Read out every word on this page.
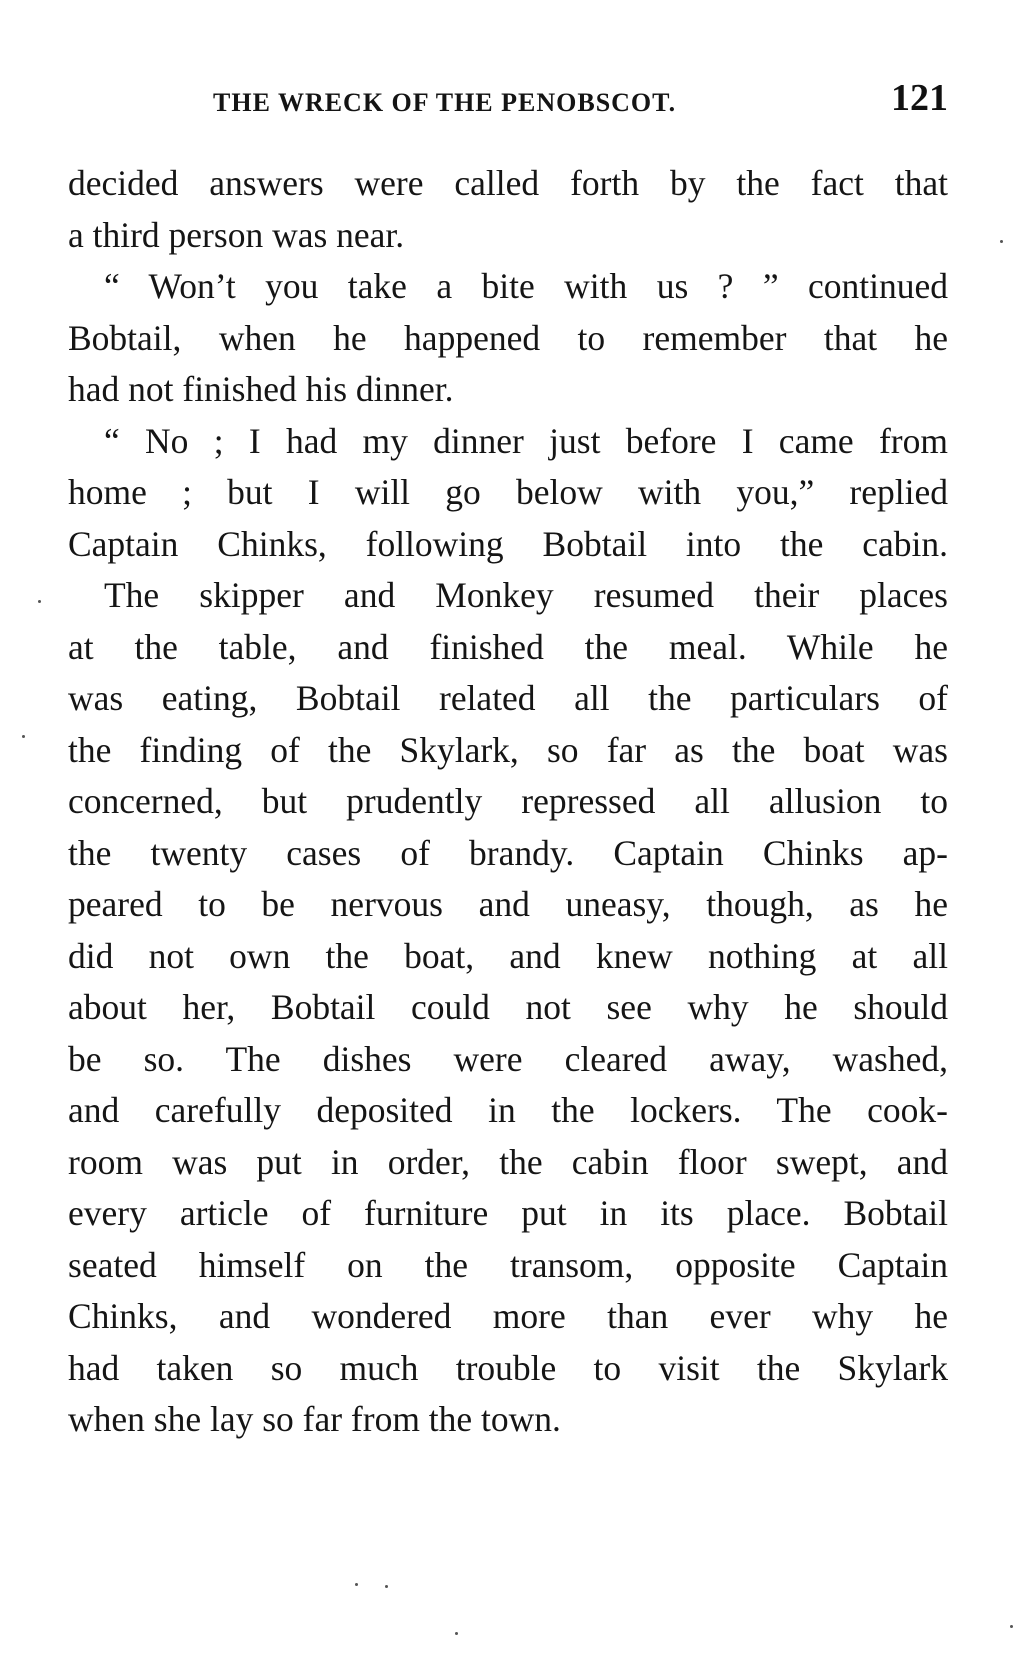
THE WRECK OF THE PENOBSCOT.	121
decided answers were called forth by the fact that
a third person was near.
“ Won’t you take a bite with us ? ” continued
Bobtail, when he happened to remember that he
had not finished his dinner.
“ No ; I had my dinner just before I came from
home ; but I will go below with you,” replied
Captain Chinks, following Bobtail into the cabin.
The skipper and Monkey resumed their places
at the table, and finished the meal. While he
was eating, Bobtail related all the particulars of
the finding of the Skylark, so far as the boat was
concerned, but prudently repressed all allusion to
the twenty cases of brandy. Captain Chinks ap-
peared to be nervous and uneasy, though, as he
did not own the boat, and knew nothing at all
about her, Bobtail could not see why he should
be so. The dishes were cleared away, washed,
and carefully deposited in the lockers. The cook-
room was put in order, the cabin floor swept, and
every article of furniture put in its place. Bobtail
seated himself on the transom, opposite Captain
Chinks, and wondered more than ever why he
had taken so much trouble to visit the Skylark
when she lay so far from the town.
